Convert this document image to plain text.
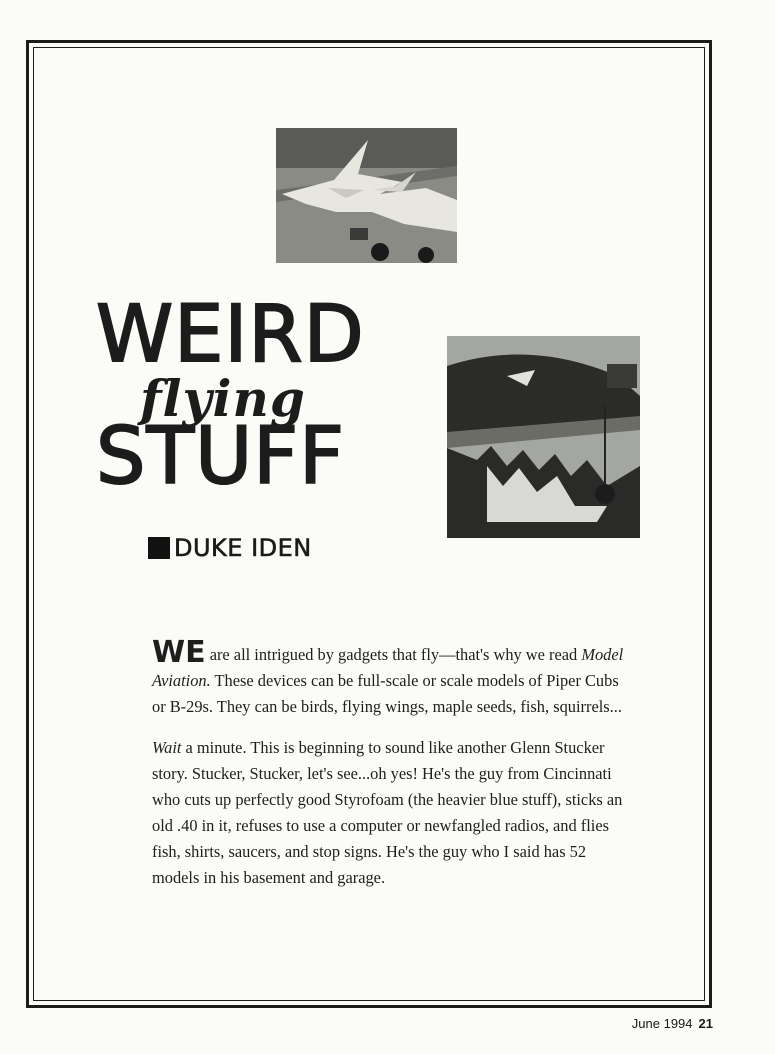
WEIRD
flying
STUFF
DUKE IDEN

WE are all intrigued by gadgets that fly—that's why we read Model Aviation. These devices can be full-scale or scale models of Piper Cubs or B-29s. They can be birds, flying wings, maple seeds, fish, squirrels...

Wait a minute. This is beginning to sound like another Glenn Stucker story. Stucker, Stucker, let's see...oh yes! He's the guy from Cincinnati who cuts up perfectly good Styrofoam (the heavier blue stuff), sticks an old .40 in it, refuses to use a computer or newfangled radios, and flies fish, shirts, saucers, and stop signs. He's the guy who I said has 52 models in his basement and garage.

June 1994 21
